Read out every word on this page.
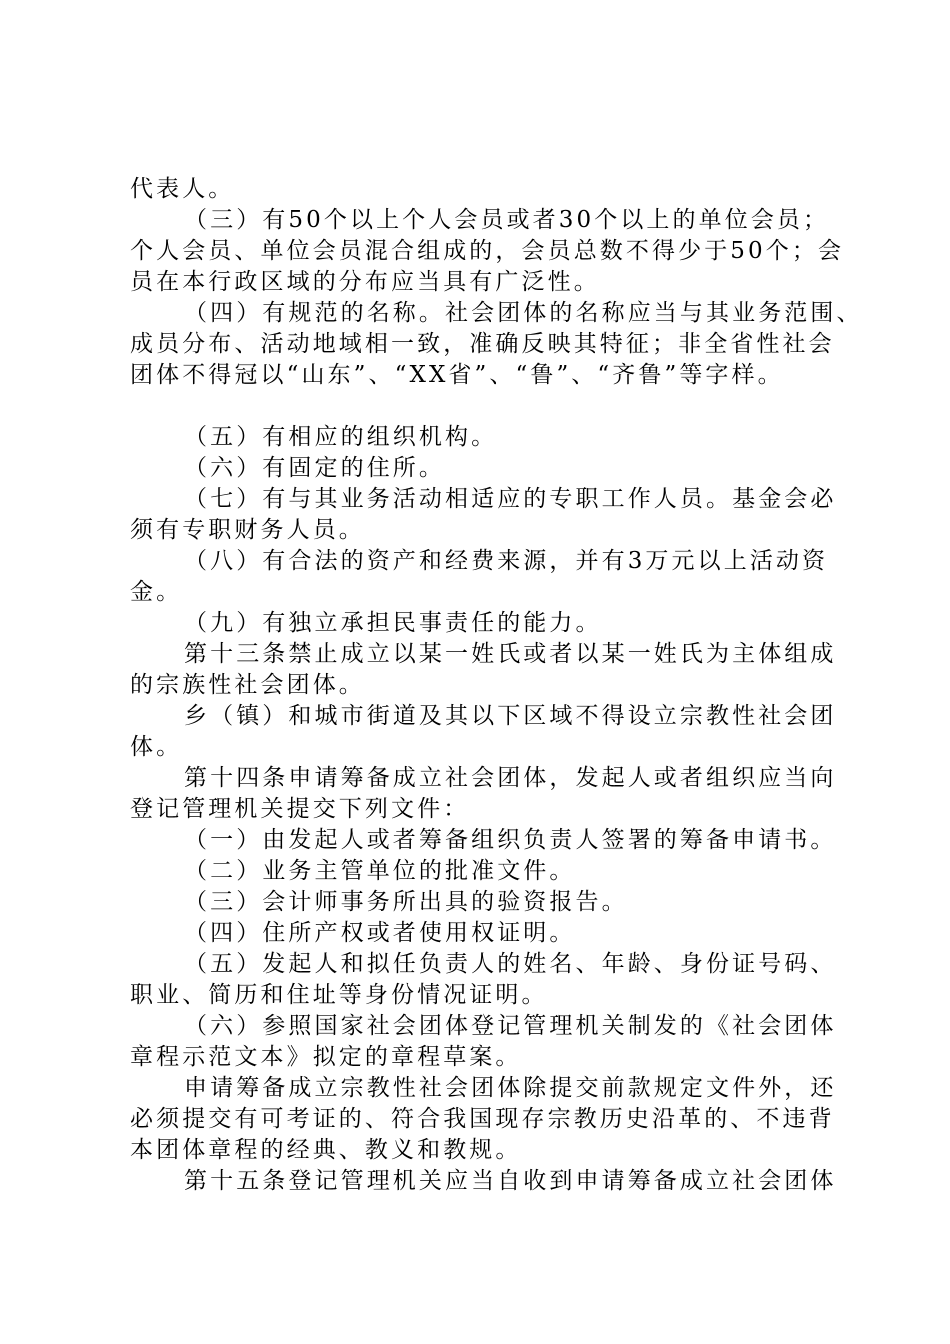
代表人。
（三）有50个以上个人会员或者30个以上的单位会员；
个人会员、单位会员混合组成的，会员总数不得少于50个；会
员在本行政区域的分布应当具有广泛性。
（四）有规范的名称。社会团体的名称应当与其业务范围、
成员分布、活动地域相一致，准确反映其特征；非全省性社会
团体不得冠以“山东”、“XX省”、“鲁”、“齐鲁”等字样。
（五）有相应的组织机构。
（六）有固定的住所。
（七）有与其业务活动相适应的专职工作人员。基金会必
须有专职财务人员。
（八）有合法的资产和经费来源，并有3万元以上活动资
金。
（九）有独立承担民事责任的能力。
第十三条禁止成立以某一姓氏或者以某一姓氏为主体组成
的宗族性社会团体。
乡（镇）和城市街道及其以下区域不得设立宗教性社会团
体。
第十四条申请筹备成立社会团体，发起人或者组织应当向
登记管理机关提交下列文件：
（一）由发起人或者筹备组织负责人签署的筹备申请书。
（二）业务主管单位的批准文件。
（三）会计师事务所出具的验资报告。
（四）住所产权或者使用权证明。
（五）发起人和拟任负责人的姓名、年龄、身份证号码、
职业、简历和住址等身份情况证明。
（六）参照国家社会团体登记管理机关制发的《社会团体
章程示范文本》拟定的章程草案。
申请筹备成立宗教性社会团体除提交前款规定文件外，还
必须提交有可考证的、符合我国现存宗教历史沿革的、不违背
本团体章程的经典、教义和教规。
第十五条登记管理机关应当自收到申请筹备成立社会团体
